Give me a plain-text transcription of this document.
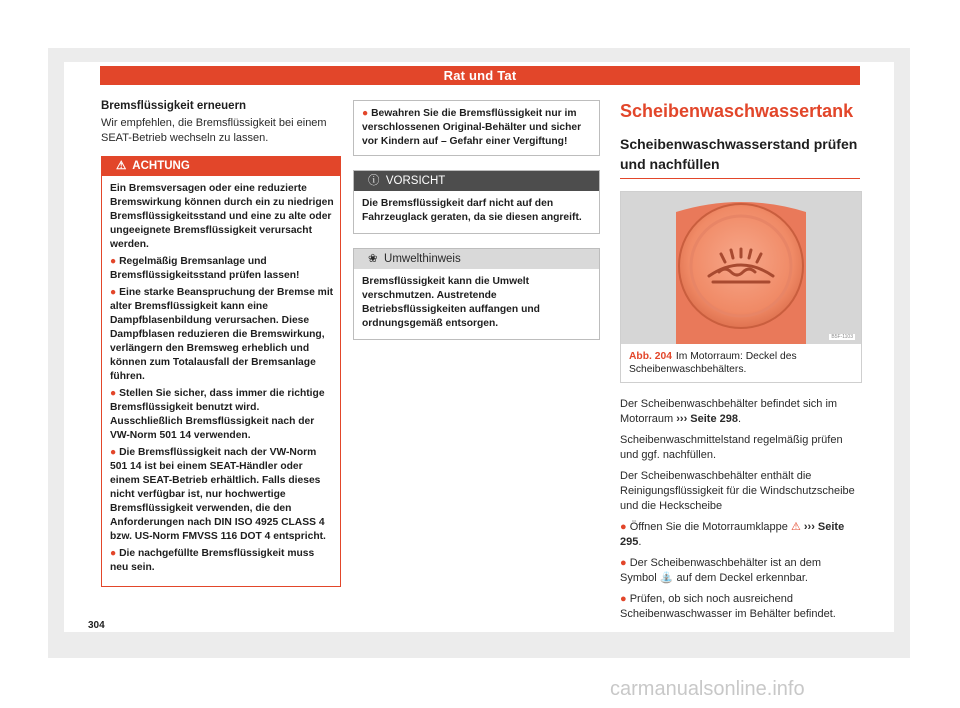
Rat und Tat
Bremsflüssigkeit erneuern

Wir empfehlen, die Bremsflüssigkeit bei einem SEAT-Betrieb wechseln zu lassen.

⚠ ACHTUNG

Ein Bremsversagen oder eine reduzierte Bremswirkung können durch ein zu niedrigen Bremsflüssigkeitsstand und eine zu alte oder ungeeignete Bremsflüssigkeit verursacht werden.

● Regelmäßig Bremsanlage und Bremsflüssigkeitsstand prüfen lassen!

● Eine starke Beanspruchung der Bremse mit alter Bremsflüssigkeit kann eine Dampfblasenbildung verursachen. Diese Dampfblasen reduzieren die Bremswirkung, verlängern den Bremsweg erheblich und können zum Totalausfall der Bremsanlage führen.

● Stellen Sie sicher, dass immer die richtige Bremsflüssigkeit benutzt wird. Ausschließlich Bremsflüssigkeit nach der VW-Norm 501 14 verwenden.

● Die Bremsflüssigkeit nach der VW-Norm 501 14 ist bei einem SEAT-Händler oder einem SEAT-Betrieb erhältlich. Falls dieses nicht verfügbar ist, nur hochwertige Bremsflüssigkeit verwenden, die den Anforderungen nach DIN ISO 4925 CLASS 4 bzw. US-Norm FMVSS 116 DOT 4 entspricht.

● Die nachgefüllte Bremsflüssigkeit muss neu sein.

● Bewahren Sie die Bremsflüssigkeit nur im verschlossenen Original-Behälter und sicher vor Kindern auf – Gefahr einer Vergiftung!
ⓘ VORSICHT
Die Bremsflüssigkeit darf nicht auf den Fahrzeuglack geraten, da sie diesen angreift.
❀ Umwelthinweis
Bremsflüssigkeit kann die Umwelt verschmutzen. Austretende Betriebsflüssigkeiten auffangen und ordnungsgemäß entsorgen.
Scheibenwaschwassertank
Scheibenwaschwasserstand prüfen und nachfüllen
B5F-1103
Abb. 204 Im Motorraum: Deckel des Scheibenwaschbehälters.

Der Scheibenwaschbehälter befindet sich im Motorraum ››› Seite 298.

Scheibenwaschmittelstand regelmäßig prüfen und ggf. nachfüllen.

Der Scheibenwaschbehälter enthält die Reinigungsflüssigkeit für die Windschutzscheibe und die Heckscheibe

● Öffnen Sie die Motorraumklappe ⚠ ››› Seite 295.

● Der Scheibenwaschbehälter ist an dem Symbol ⛲ auf dem Deckel erkennbar.

● Prüfen, ob sich noch ausreichend Scheibenwaschwasser im Behälter befindet.

304
carmanualsonline.info
